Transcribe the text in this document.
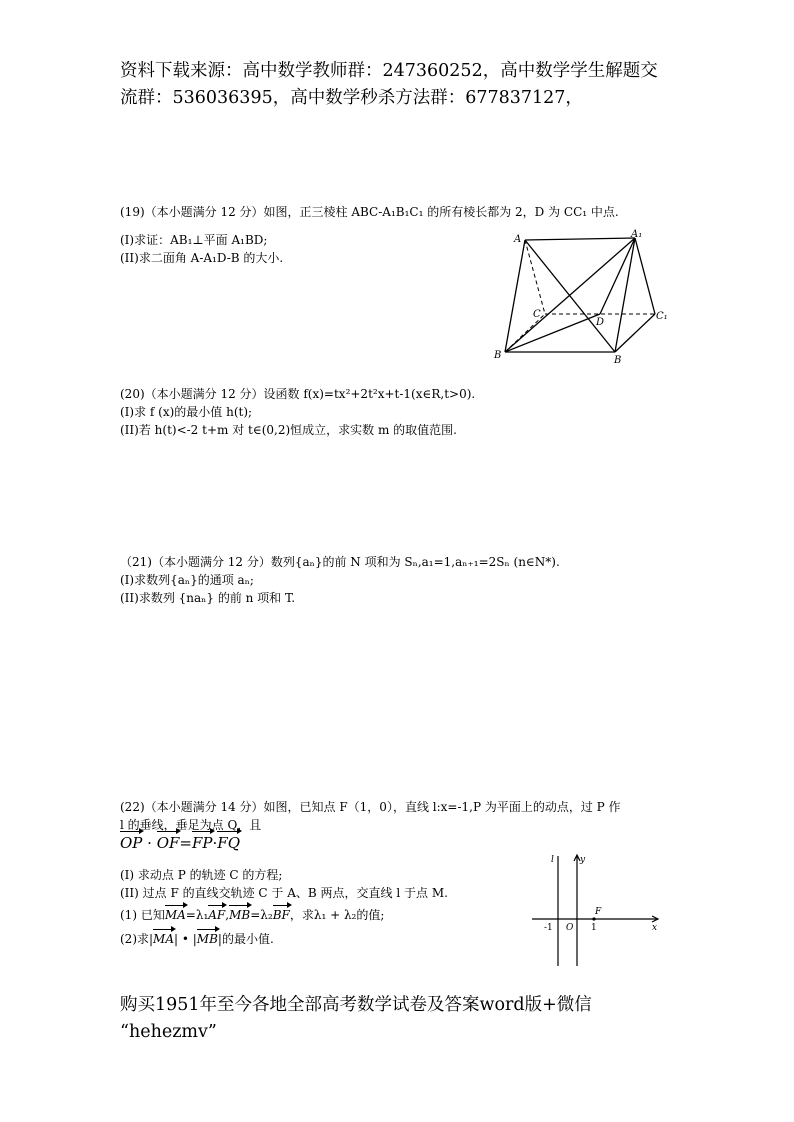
资料下载来源：高中数学教师群：247360252，高中数学学生解题交
流群：536036395，高中数学秒杀方法群：677837127，

(19)（本小题满分 12 分）如图，正三棱柱 ABC-A₁B₁C₁ 的所有棱长都为 2，D 为 CC₁ 中点.

(I)求证：AB₁⊥平面 A₁BD;

(II)求二面角 A-A₁D-B 的大小.

A	A₁
C
D
C₁
B	B

(20)（本小题满分 12 分）设函数 f(x)=tx²+2t²x+t-1(x∈R,t>0).

(I)求 f (x)的最小值 h(t);

(II)若 h(t)<-2 t+m 对 t∈(0,2)恒成立，求实数 m 的取值范围.

（21)（本小题满分 12 分）数列{aₙ}的前 N 项和为 Sₙ,a₁=1,aₙ₊₁=2Sₙ (n∈N*).

(I)求数列{aₙ}的通项 aₙ;

(II)求数列 {naₙ} 的前 n 项和 T.

(22)（本小题满分 14 分）如图，已知点 F（1，0），直线 l:x=-1,P 为平面上的动点，过 P 作

l 的垂线，垂足为点 Q，且

OP · OF=FP·FQ

(I) 求动点 P 的轨迹 C 的方程;

(II) 过点 F 的直线交轨迹 C 于 A、B 两点，交直线 l 于点 M.

(1) 已知MA=λ₁AF,MB=λ₂BF，求λ₁ + λ₂的值;

(2)求|MA| • |MB|的最小值.

l	y
F
-1 O 1	x
购买1951年至今各地全部高考数学试卷及答案word版+微信
“hehezmv”
